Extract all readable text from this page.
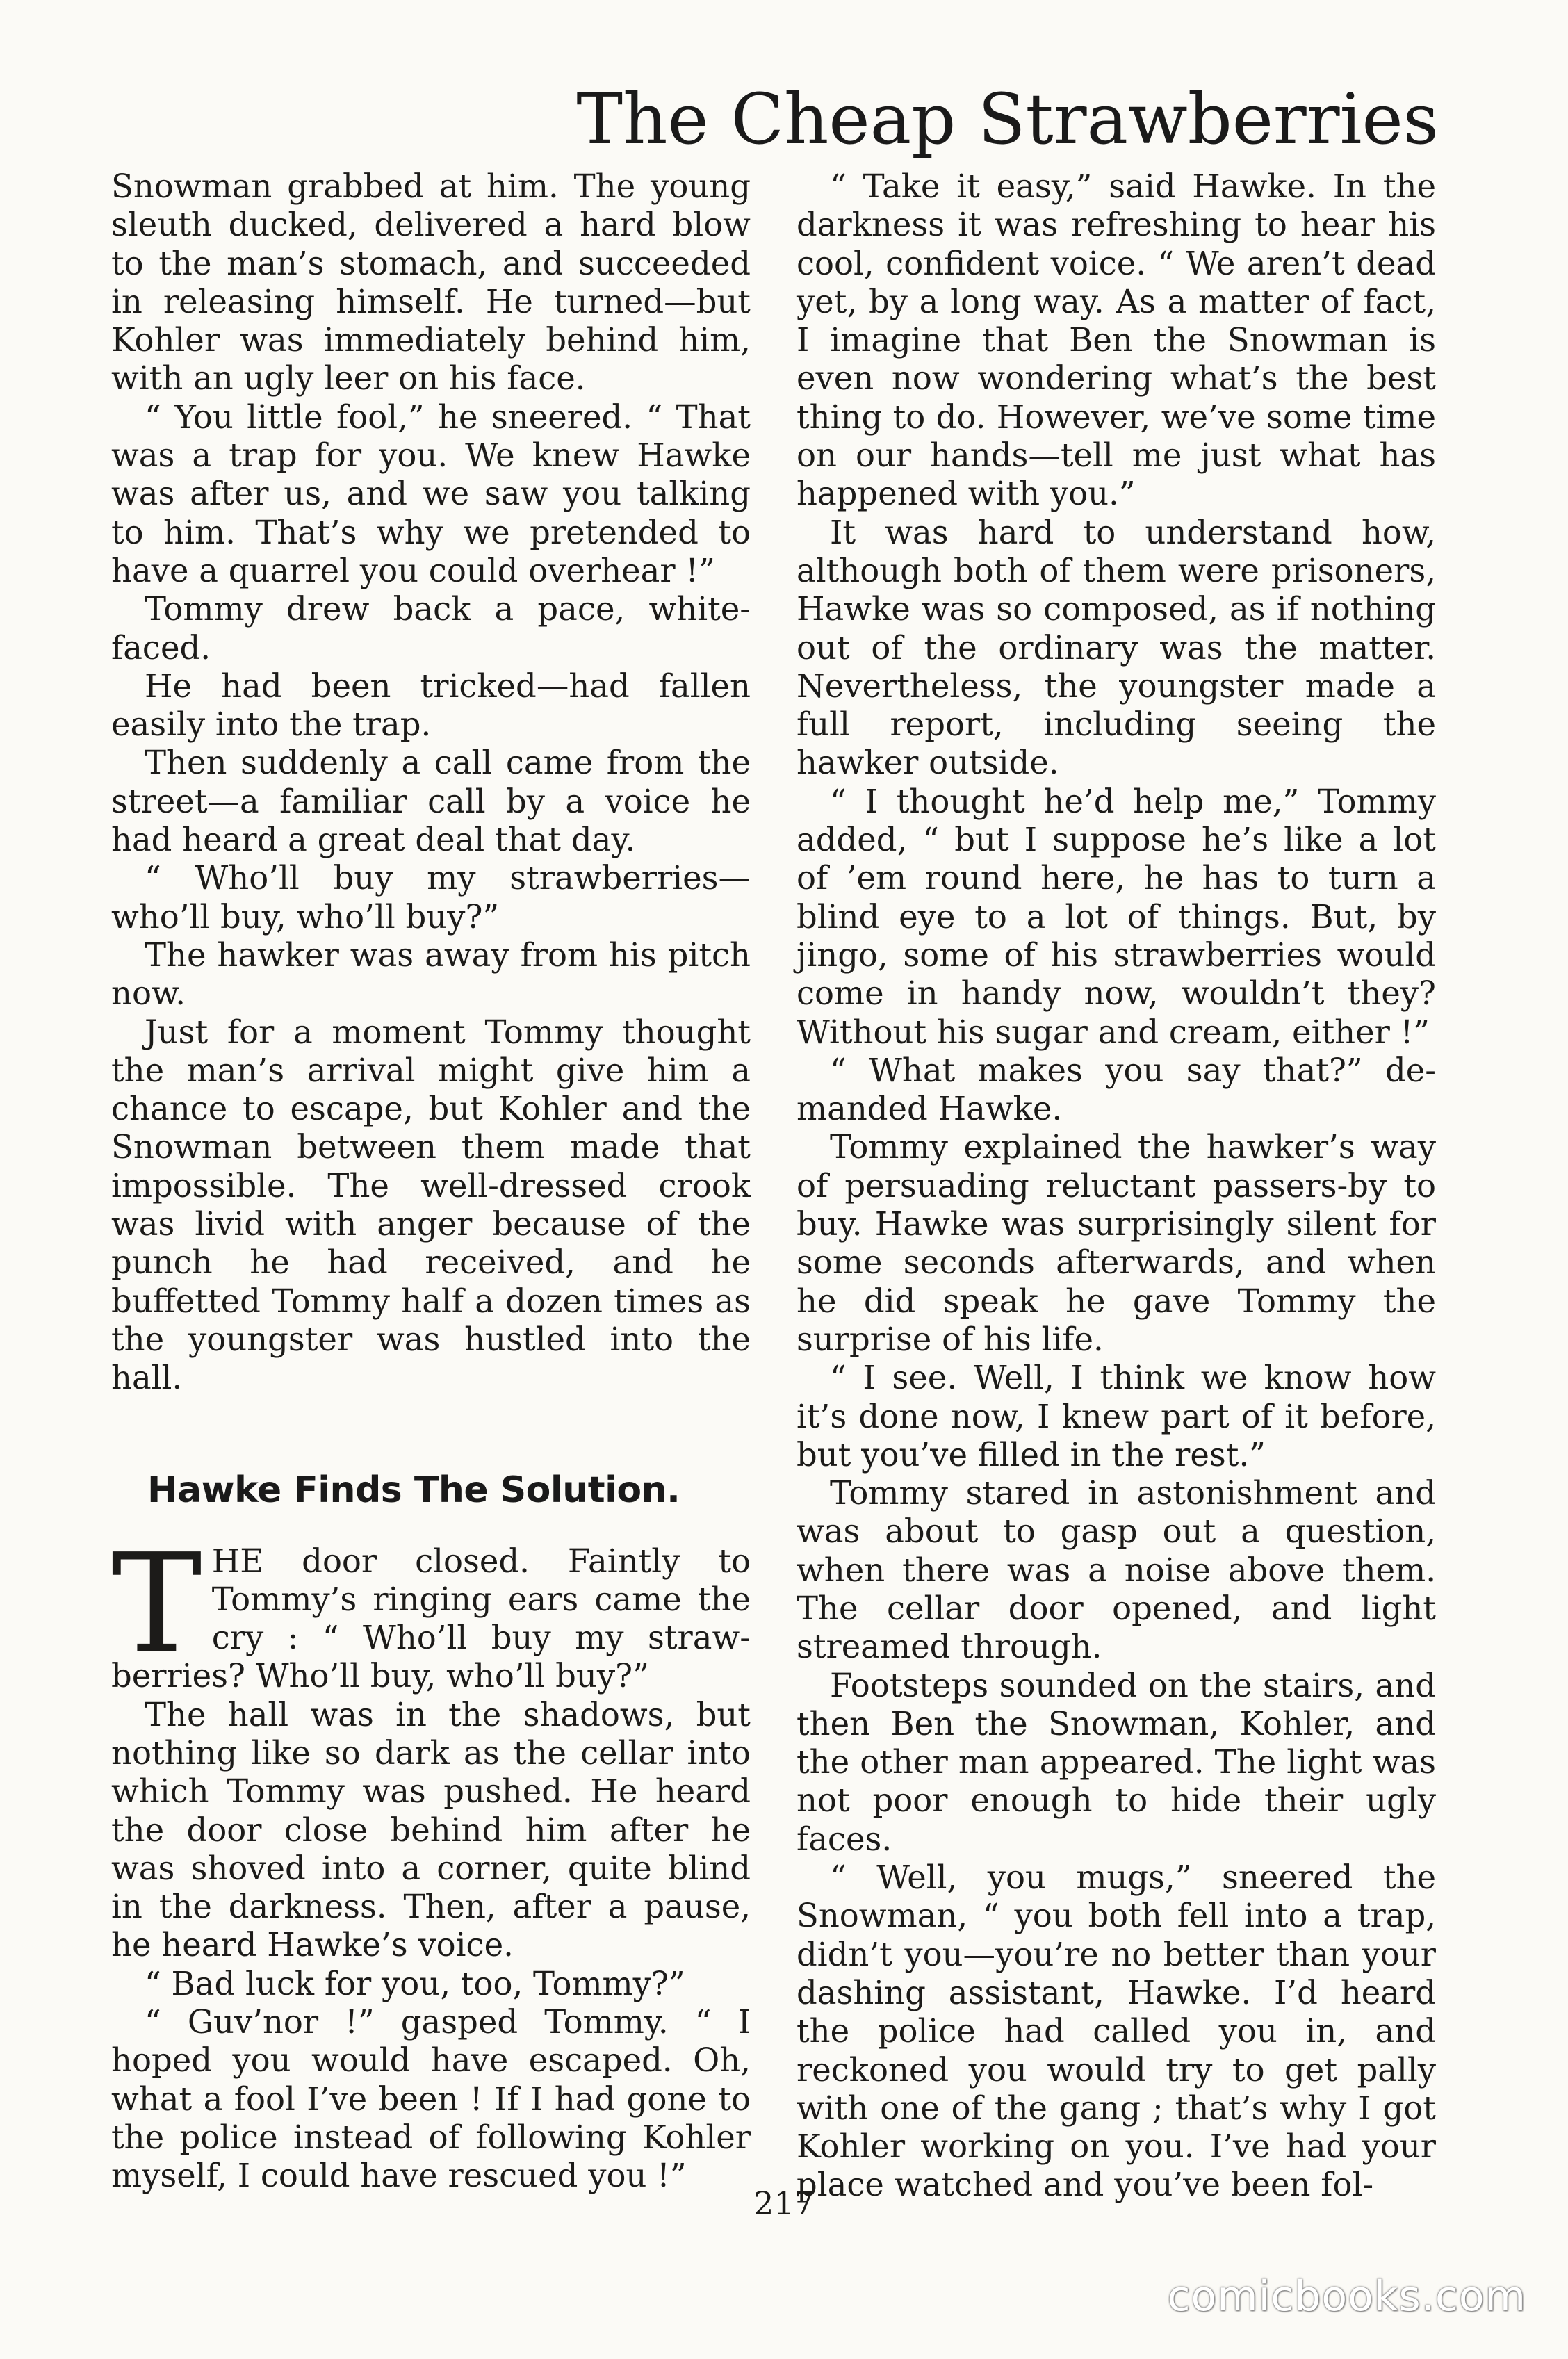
The Cheap Strawberries

Snowman grabbed at him. The young sleuth ducked, delivered a hard blow to the man’s stomach, and succeeded in releasing himself. He turned—but Kohler was immediately behind him, with an ugly leer on his face.

“ You little fool,” he sneered. “ That was a trap for you. We knew Hawke was after us, and we saw you talking to him. That’s why we pretended to have a quarrel you could overhear !”

Tommy drew back a pace, white-faced.

He had been tricked—had fallen easily into the trap.

Then suddenly a call came from the street—a familiar call by a voice he had heard a great deal that day.

“ Who’ll buy my strawberries—who’ll buy, who’ll buy?”

The hawker was away from his pitch now.

Just for a moment Tommy thought the man’s arrival might give him a chance to escape, but Kohler and the Snowman between them made that impossible. The well-dressed crook was livid with anger because of the punch he had received, and he buffetted Tommy half a dozen times as the youngster was hustled into the hall.

Hawke Finds The Solution.

THE door closed. Faintly to Tommy’s ringing ears came the cry : “ Who’ll buy my strawberries? Who’ll buy, who’ll buy?”

The hall was in the shadows, but nothing like so dark as the cellar into which Tommy was pushed. He heard the door close behind him after he was shoved into a corner, quite blind in the darkness. Then, after a pause, he heard Hawke’s voice.

“ Bad luck for you, too, Tommy?”

“ Guv’nor !” gasped Tommy. “ I hoped you would have escaped. Oh, what a fool I’ve been ! If I had gone to the police instead of following Kohler myself, I could have rescued you !”

“ Take it easy,” said Hawke. In the darkness it was refreshing to hear his cool, confident voice. “ We aren’t dead yet, by a long way. As a matter of fact, I imagine that Ben the Snowman is even now wondering what’s the best thing to do. However, we’ve some time on our hands—tell me just what has happened with you.”

It was hard to understand how, although both of them were prisoners, Hawke was so composed, as if nothing out of the ordinary was the matter. Nevertheless, the youngster made a full report, including seeing the hawker outside.

“ I thought he’d help me,” Tommy added, “ but I suppose he’s like a lot of ’em round here, he has to turn a blind eye to a lot of things. But, by jingo, some of his strawberries would come in handy now, wouldn’t they? Without his sugar and cream, either !”

“ What makes you say that?” demanded Hawke.

Tommy explained the hawker’s way of persuading reluctant passers-by to buy. Hawke was surprisingly silent for some seconds afterwards, and when he did speak he gave Tommy the surprise of his life.

“ I see. Well, I think we know how it’s done now, I knew part of it before, but you’ve filled in the rest.”

Tommy stared in astonishment and was about to gasp out a question, when there was a noise above them. The cellar door opened, and light streamed through.

Footsteps sounded on the stairs, and then Ben the Snowman, Kohler, and the other man appeared. The light was not poor enough to hide their ugly faces.

“ Well, you mugs,” sneered the Snowman, “ you both fell into a trap, didn’t you—you’re no better than your dashing assistant, Hawke. I’d heard the police had called you in, and reckoned you would try to get pally with one of the gang ; that’s why I got Kohler working on you. I’ve had your place watched and you’ve been fol-

217
comicbooks.com
